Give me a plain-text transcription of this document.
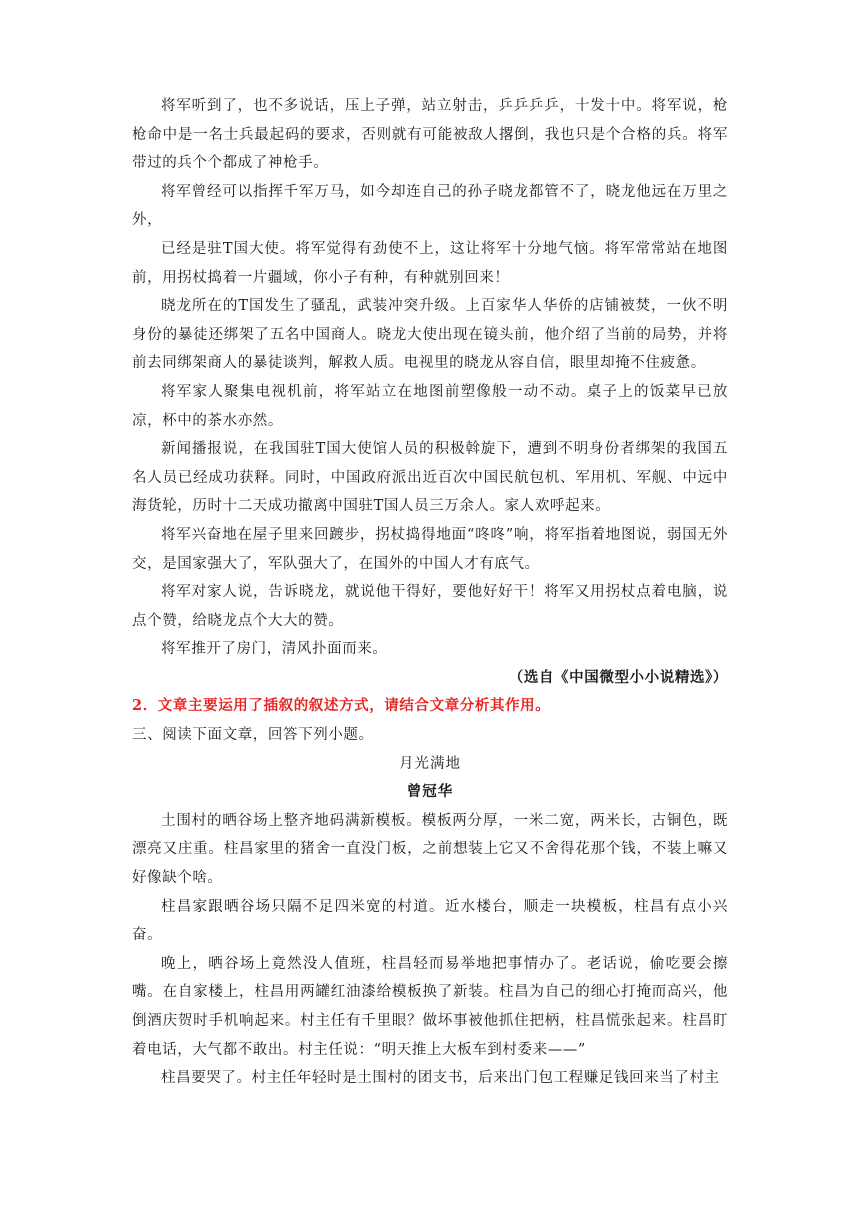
将军听到了，也不多说话，压上子弹，站立射击，乒乒乒乒，十发十中。将军说，枪枪命中是一名士兵最起码的要求，否则就有可能被敌人撂倒，我也只是个合格的兵。将军带过的兵个个都成了神枪手。

将军曾经可以指挥千军万马，如今却连自己的孙子晓龙都管不了，晓龙他远在万里之外，

已经是驻T国大使。将军觉得有劲使不上，这让将军十分地气恼。将军常常站在地图前，用拐杖捣着一片疆域，你小子有种，有种就别回来！

晓龙所在的T国发生了骚乱，武装冲突升级。上百家华人华侨的店铺被焚，一伙不明身份的暴徒还绑架了五名中国商人。晓龙大使出现在镜头前，他介绍了当前的局势，并将前去同绑架商人的暴徒谈判，解救人质。电视里的晓龙从容自信，眼里却掩不住疲惫。

将军家人聚集电视机前，将军站立在地图前塑像般一动不动。桌子上的饭菜早已放凉，杯中的茶水亦然。

新闻播报说，在我国驻T国大使馆人员的积极斡旋下，遭到不明身份者绑架的我国五名人员已经成功获释。同时，中国政府派出近百次中国民航包机、军用机、军舰、中远中海货轮，历时十二天成功撤离中国驻T国人员三万余人。家人欢呼起来。

将军兴奋地在屋子里来回踱步，拐杖捣得地面“咚咚”响，将军指着地图说，弱国无外交，是国家强大了，军队强大了，在国外的中国人才有底气。

将军对家人说，告诉晓龙，就说他干得好，要他好好干！将军又用拐杖点着电脑，说点个赞，给晓龙点个大大的赞。

将军推开了房门，清风扑面而来。

（选自《中国微型小小说精选》）

2．文章主要运用了插叙的叙述方式，请结合文章分析其作用。

三、阅读下面文章，回答下列小题。

月光满地

曾冠华

土围村的晒谷场上整齐地码满新模板。模板两分厚，一米二宽，两米长，古铜色，既漂亮又庄重。柱昌家里的猪舍一直没门板，之前想装上它又不舍得花那个钱，不装上嘛又好像缺个啥。

柱昌家跟晒谷场只隔不足四米宽的村道。近水楼台，顺走一块模板，柱昌有点小兴奋。

晚上，晒谷场上竟然没人值班，柱昌轻而易举地把事情办了。老话说，偷吃要会擦嘴。在自家楼上，柱昌用两罐红油漆给模板换了新装。柱昌为自己的细心打掩而高兴，他倒酒庆贺时手机响起来。村主任有千里眼？做坏事被他抓住把柄，柱昌慌张起来。柱昌盯着电话，大气都不敢出。村主任说：“明天推上大板车到村委来——”

柱昌要哭了。村主任年轻时是土围村的团支书，后来出门包工程赚足钱回来当了村主
